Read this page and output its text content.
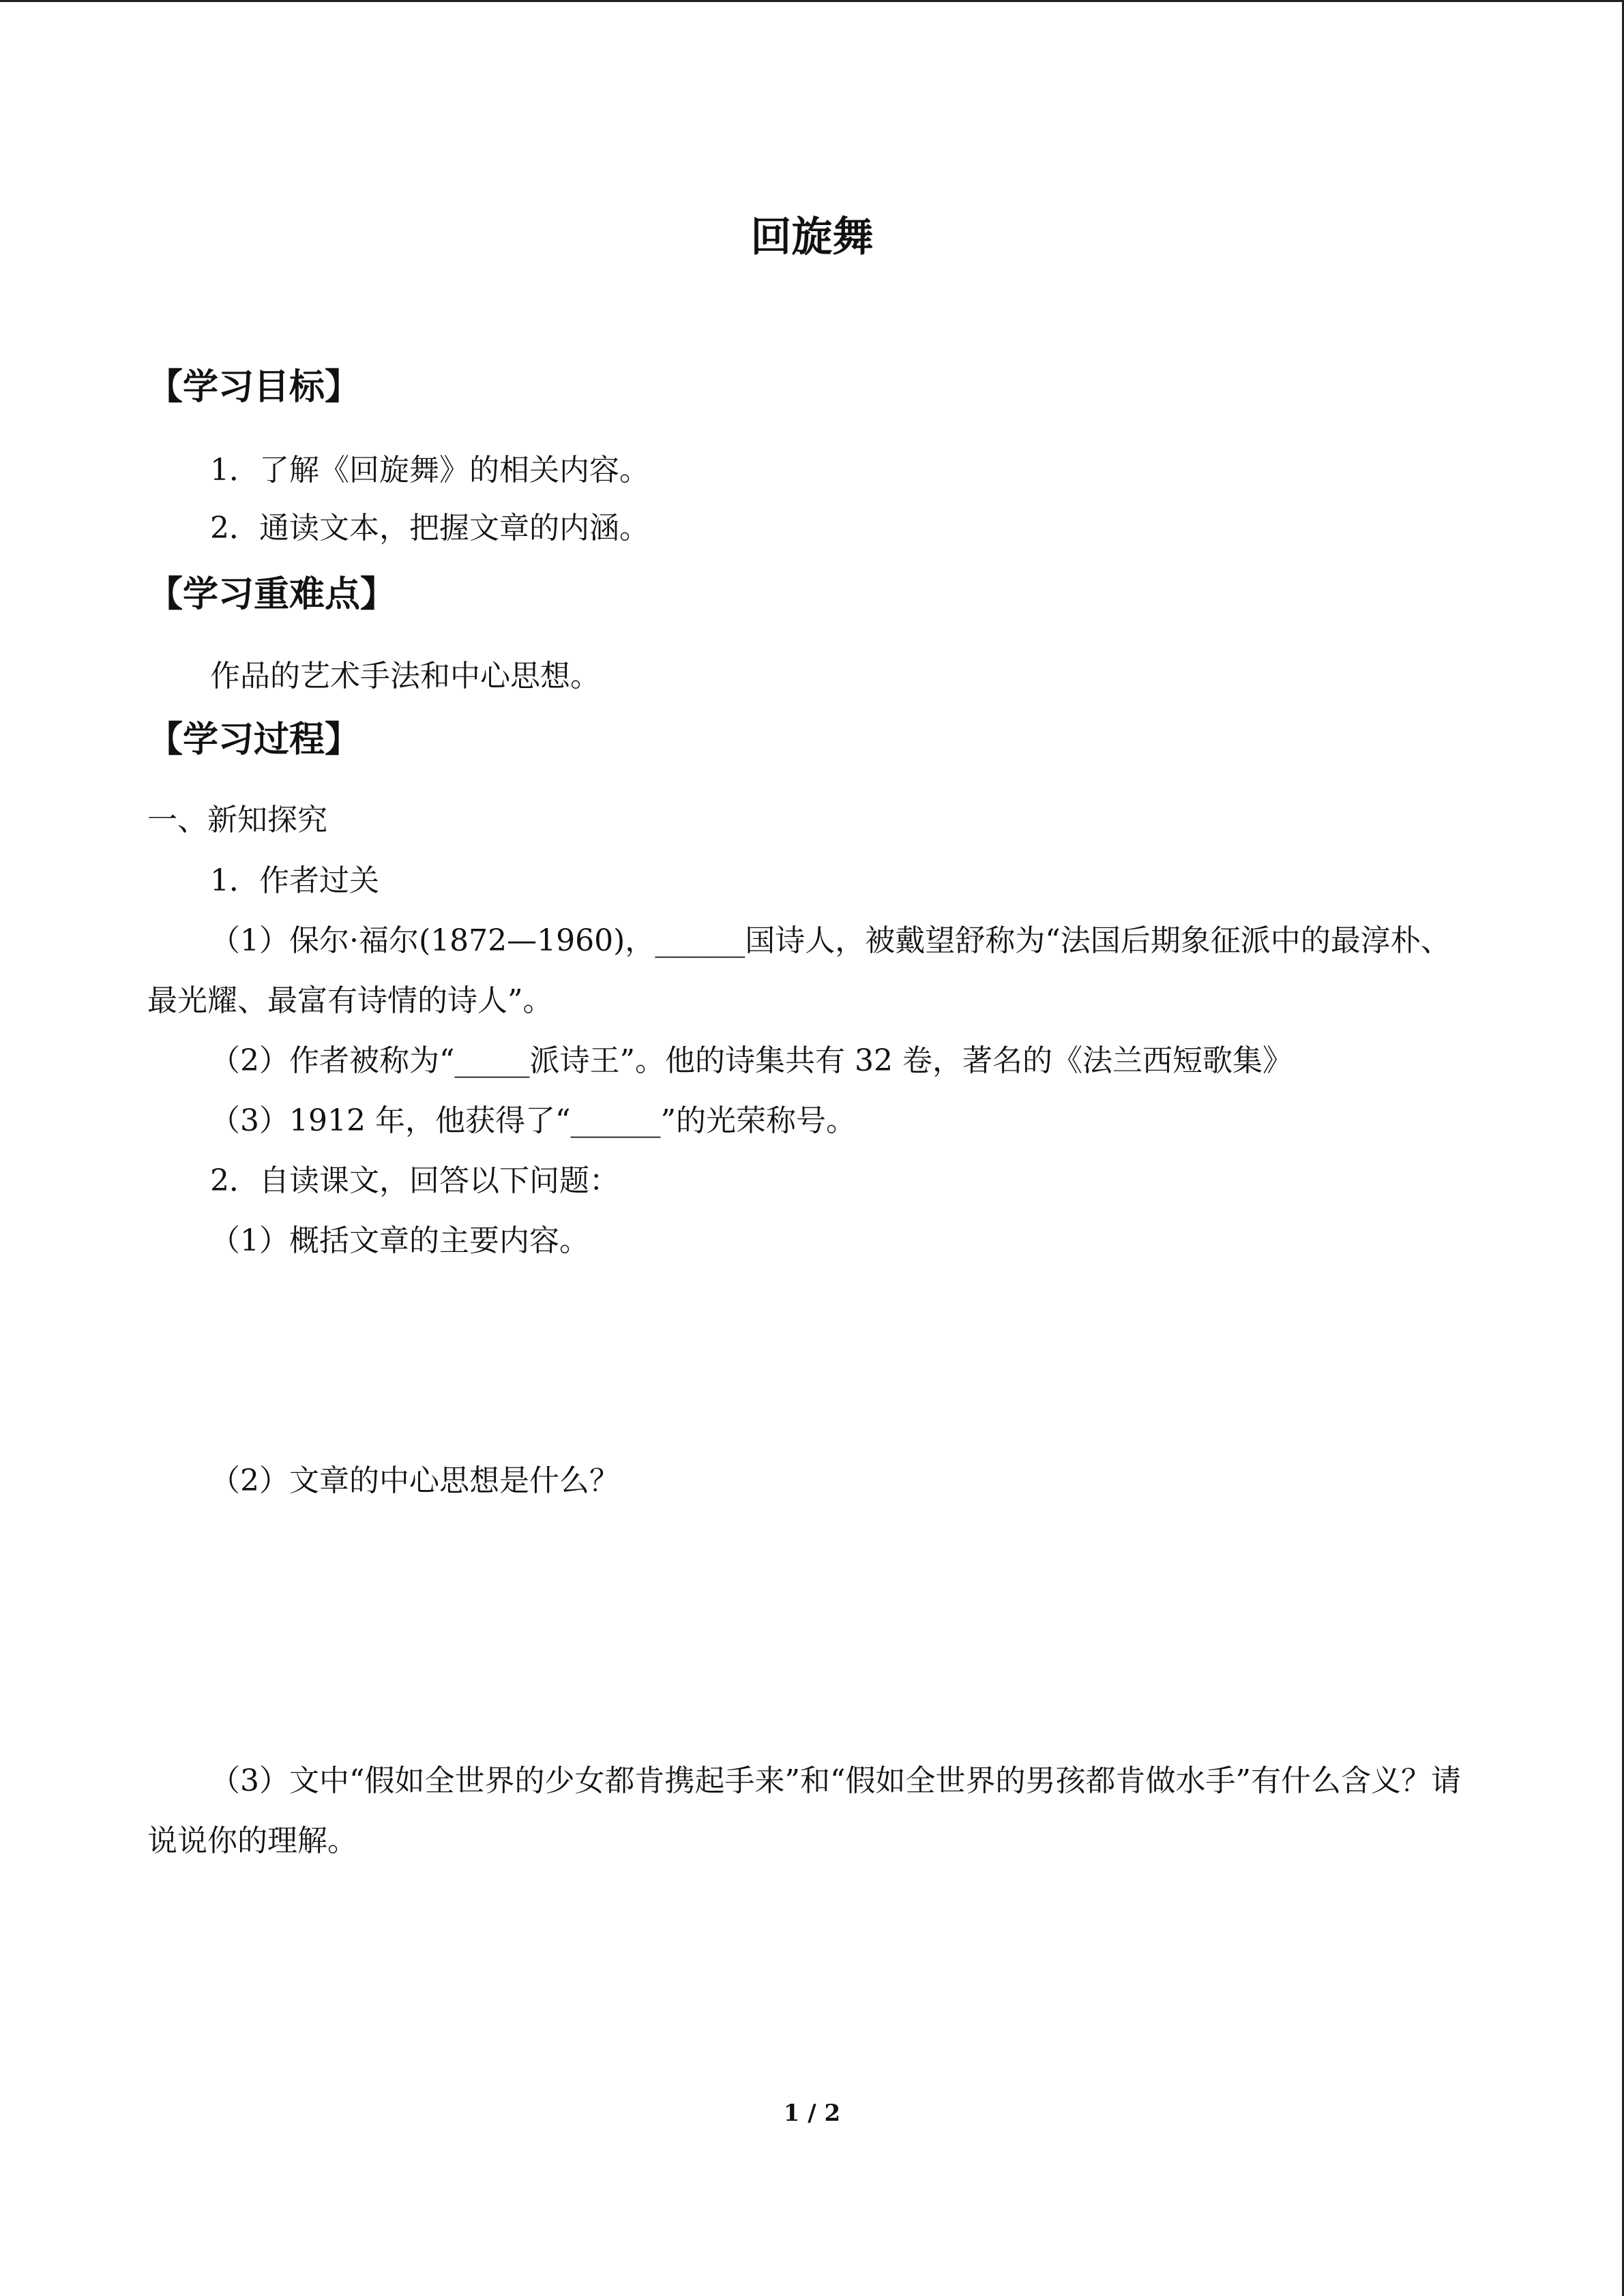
回旋舞
【学习目标】
1．了解《回旋舞》的相关内容。
2．通读文本，把握文章的内涵。
【学习重难点】
作品的艺术手法和中心思想。
【学习过程】
一、新知探究
1．作者过关
（1）保尔·福尔(1872—1960)，______国诗人，被戴望舒称为“法国后期象征派中的最淳朴、最光耀、最富有诗情的诗人”。
（2）作者被称为“_____派诗王”。他的诗集共有 32 卷，著名的《法兰西短歌集》
（3）1912 年，他获得了“______”的光荣称号。
2．自读课文，回答以下问题：
（1）概括文章的主要内容。
（2）文章的中心思想是什么？
（3）文中“假如全世界的少女都肯携起手来”和“假如全世界的男孩都肯做水手”有什么含义？请说说你的理解。
1 / 2
